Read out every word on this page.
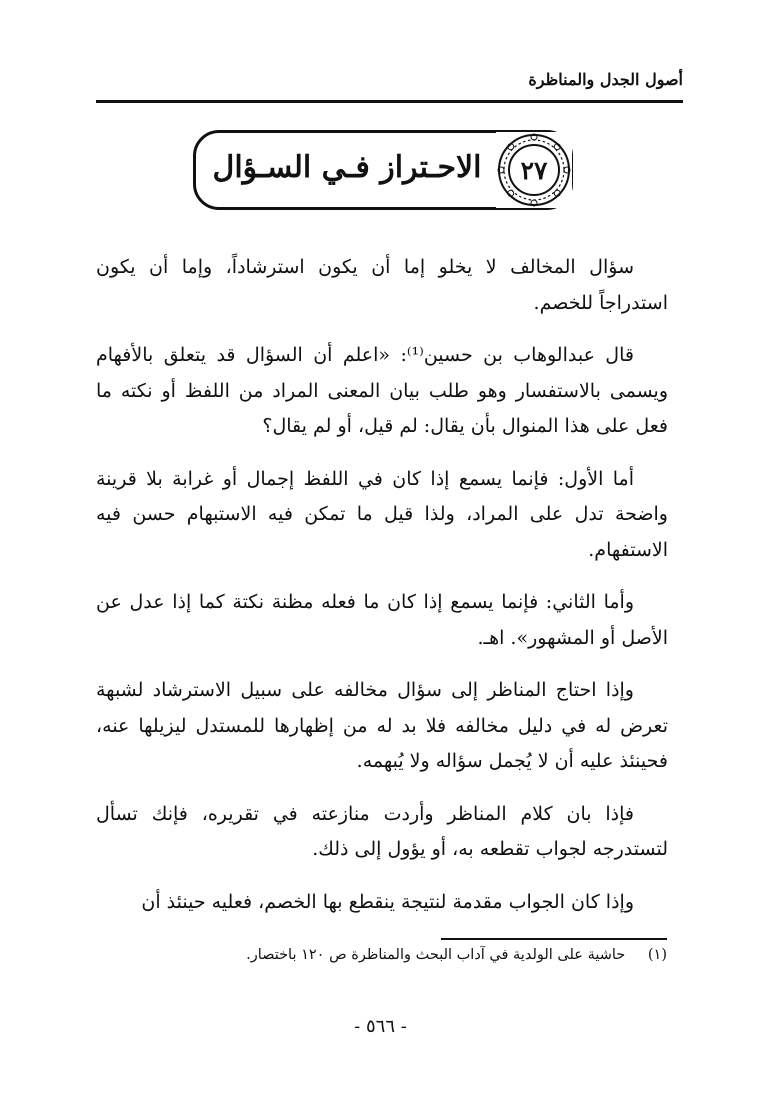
أصول الجدل والمناظرة
الاحـتراز فـي السـؤال	٢٧

سؤال المخالف لا يخلو إما أن يكون استرشاداً، وإما أن يكون استدراجاً للخصم.

قال عبدالوهاب بن حسين⁽¹⁾: «اعلم أن السؤال قد يتعلق بالأفهام ويسمى بالاستفسار وهو طلب بيان المعنى المراد من اللفظ أو نكته ما فعل على هذا المنوال بأن يقال: لم قيل، أو لم يقال؟

أما الأول: فإنما يسمع إذا كان في اللفظ إجمال أو غرابة بلا قرينة واضحة تدل على المراد، ولذا قيل ما تمكن فيه الاستبهام حسن فيه الاستفهام.

وأما الثاني: فإنما يسمع إذا كان ما فعله مظنة نكتة كما إذا عدل عن الأصل أو المشهور». اهـ.

وإذا احتاج المناظر إلى سؤال مخالفه على سبيل الاسترشاد لشبهة تعرض له في دليل مخالفه فلا بد له من إظهارها للمستدل ليزيلها عنه، فحينئذ عليه أن لا يُجمل سؤاله ولا يُبهمه.

فإذا بان كلام المناظر وأردت منازعته في تقريره، فإنك تسأل لتستدرجه لجواب تقطعه به، أو يؤول إلى ذلك.

وإذا كان الجواب مقدمة لنتيجة ينقطع بها الخصم، فعليه حينئذ أن

(١) حاشية على الولدية في آداب البحث والمناظرة ص ١٢٠ باختصار.
- ٥٦٦ -
